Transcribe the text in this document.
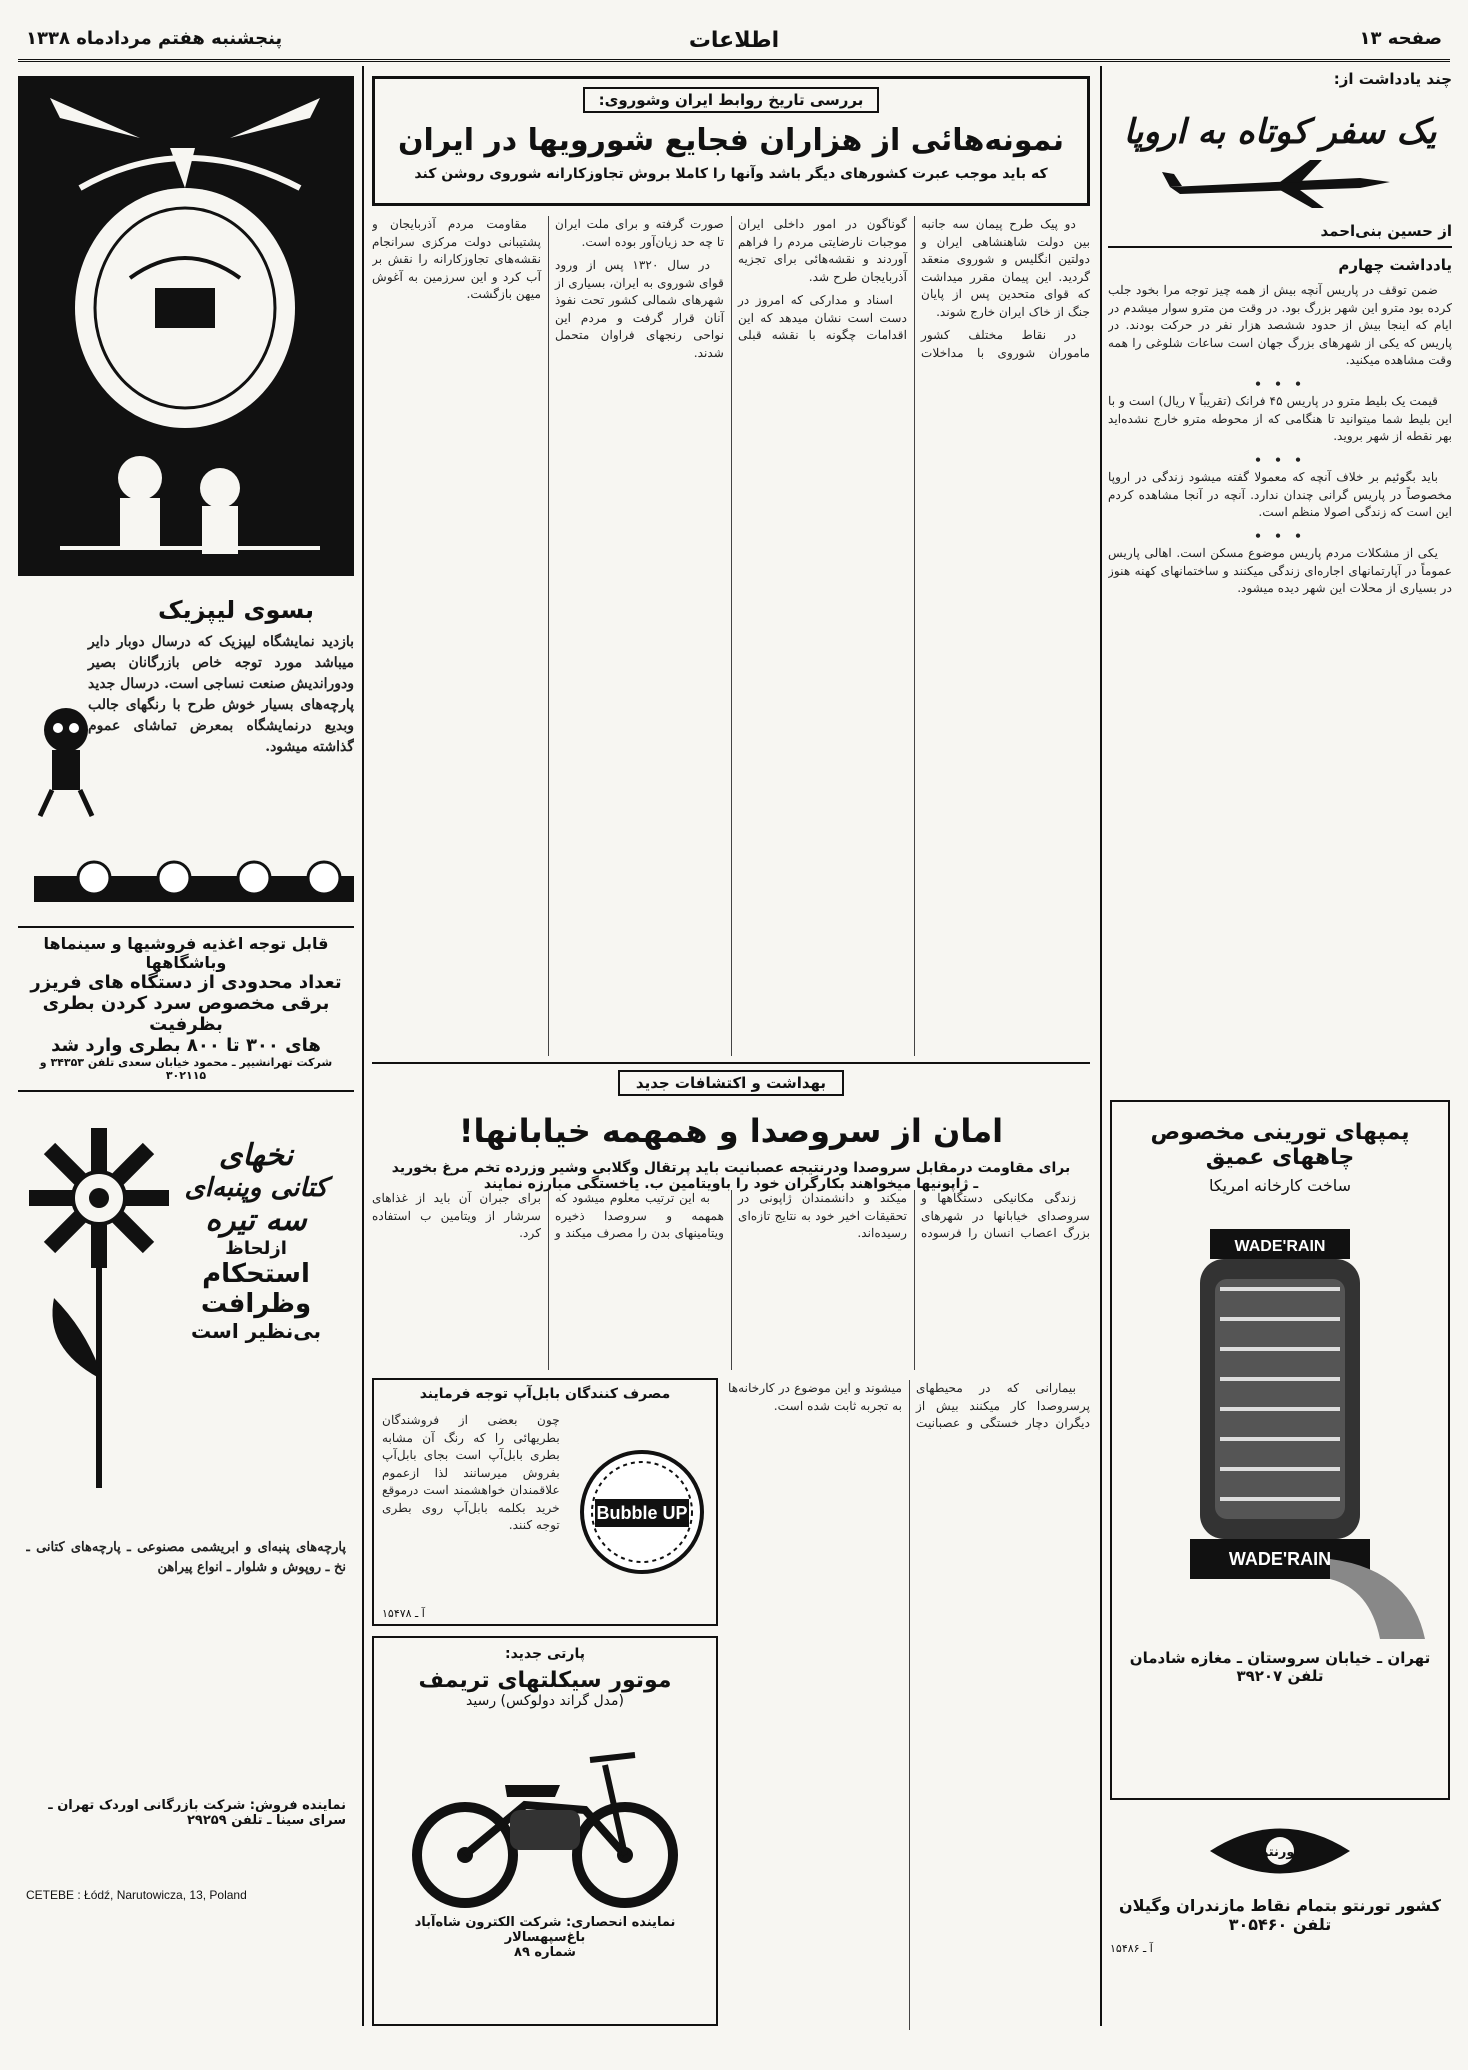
صفحه ۱۳
اطلاعات
پنجشنبه هفتم مردادماه ۱۳۳۸
چند یادداشت از:
یک سفر کوتاه به اروپا
از حسین بنی‌احمد
یادداشت چهارم

ضمن توقف در پاریس آنچه بیش از همه چیز توجه مرا بخود جلب کرده بود مترو این شهر بزرگ بود. در وقت من مترو سوار میشدم در ایام که اینجا بیش از حدود ششصد هزار نفر در حرکت بودند. در پاریس که یکی از شهرهای بزرگ جهان است ساعات شلوغی را همه وقت مشاهده میکنید.

• • •

قیمت یک بلیط مترو در پاریس ۴۵ فرانک (تقریباً ۷ ریال) است و با این بلیط شما میتوانید تا هنگامی که از محوطه مترو خارج نشده‌اید بهر نقطه از شهر بروید.

• • •

باید بگوئیم بر خلاف آنچه که معمولا گفته میشود زندگی در اروپا مخصوصاً در پاریس گرانی چندان ندارد. آنچه در آنجا مشاهده کردم این است که زندگی اصولا منظم است.

• • •

یکی از مشکلات مردم پاریس موضوع مسکن است. اهالی پاریس عموماً در آپارتمانهای اجاره‌ای زندگی میکنند و ساختمانهای کهنه هنوز در بسیاری از محلات این شهر دیده میشود.

پمپهای تورینی مخصوص چاههای عمیق
ساخت کارخانه امریکا
WADE'RAIN
WADE'RAIN
تهران ـ خیابان سروستان ـ مغازه شادمان
تلفن ۳۹۲۰۷
تورنتو
کشور تورنتو بتمام نقاط مازندران وگیلان
تلفن ۳۰۵۴۶۰
آ ـ ۱۵۴۸۶
بررسی تاریخ روابط ایران وشوروی:
نمونه‌هائی از هزاران فجایع شورویها در ایران
که باید موجب عبرت کشورهای دیگر باشد وآنها را کاملا بروش تجاوزکارانه شوروی روشن کند

دو پیک طرح پیمان سه جانبه بین دولت شاهنشاهی ایران و دولتین انگلیس و شوروی منعقد گردید. این پیمان مقرر میداشت که قوای متحدین پس از پایان جنگ از خاک ایران خارج شوند.

در نقاط مختلف کشور ماموران شوروی با مداخلات گوناگون در امور داخلی ایران موجبات نارضایتی مردم را فراهم آوردند و نقشه‌هائی برای تجزیه آذربایجان طرح شد.

اسناد و مدارکی که امروز در دست است نشان میدهد که این اقدامات چگونه با نقشه قبلی صورت گرفته و برای ملت ایران تا چه حد زیان‌آور بوده است.

در سال ۱۳۲۰ پس از ورود قوای شوروی به ایران، بسیاری از شهرهای شمالی کشور تحت نفوذ آنان قرار گرفت و مردم این نواحی رنجهای فراوان متحمل شدند.

مقاومت مردم آذربایجان و پشتیبانی دولت مرکزی سرانجام نقشه‌های تجاوزکارانه را نقش بر آب کرد و این سرزمین به آغوش میهن بازگشت.

بهداشت و اکتشافات جدید
امان از سروصدا و همهمه خیابانها!
برای مقاومت درمقابل سروصدا ودرنتیجه عصبانیت باید پرتقال وگلابی وشیر وزرده تخم مرغ بخورید ـ ژاپونیها میخواهند بکارگران خود را باویتامین ب. یاخستگی مبارزه نمایند

زندگی مکانیکی دستگاهها و سروصدای خیابانها در شهرهای بزرگ اعصاب انسان را فرسوده میکند و دانشمندان ژاپونی در تحقیقات اخیر خود به نتایج تازه‌ای رسیده‌اند.

به این ترتیب معلوم میشود که همهمه و سروصدا ذخیره ویتامینهای بدن را مصرف میکند و برای جبران آن باید از غذاهای سرشار از ویتامین ب استفاده کرد.

بیمارانی که در محیطهای پرسروصدا کار میکنند بیش از دیگران دچار خستگی و عصبانیت میشوند و این موضوع در کارخانه‌ها به تجربه ثابت شده است.

مصرف کنندگان بابل‌آپ توجه فرمایند
چون بعضی از فروشندگان بطریهائی را که رنگ آن مشابه بطری بابل‌آپ است بجای بابل‌آپ بفروش میرسانند لذا ازعموم علاقمندان خواهشمند است درموقع خرید بکلمه بابل‌آپ روی بطری توجه کنند.
Bubble UP
آ ـ ۱۵۴۷۸
پارتی جدید:
موتور سیکلتهای تریمف
(مدل گراند دولوکس) رسید
نماینده انحصاری: شرکت الکترون شاه‌آباد باغ‌سپهسالار
شماره ۸۹
بسوی لیپزیک
بازدید نمایشگاه لیپزیک که درسال دوبار دایر میباشد مورد توجه خاص بازرگانان بصیر ودوراندیش صنعت نساجی است. درسال جدید پارچه‌های بسیار خوش طرح با رنگهای جالب وبدیع درنمایشگاه بمعرض تماشای عموم گذاشته میشود.
قابل توجه اغذیه فروشیها و سینماها
وباشگاهها
تعداد محدودی از دستگاه های فریزر
برقی مخصوص سرد کردن بطری بظرفیت
های ۳۰۰ تا ۸۰۰ بطری وارد شد
شرکت تهرانشیپر ـ محمود خیابان سعدی تلفن ۳۴۳۵۳ و ۳۰۲۱۱۵
نخهای
کتانی وپنبه‌ای
سه تیره
ازلحاظ
استحکام وظرافت
بی‌نظیر است
پارچه‌های پنبه‌ای و ابریشمی مصنوعی ـ پارچه‌های کتانی ـ نخ ـ روپوش و شلوار ـ انواع پیراهن
نماینده فروش: شرکت بازرگانی اوردک تهران ـ سرای سینا ـ تلفن ۲۹۲۵۹
CETEBE : Łódź, Narutowicza, 13, Poland
